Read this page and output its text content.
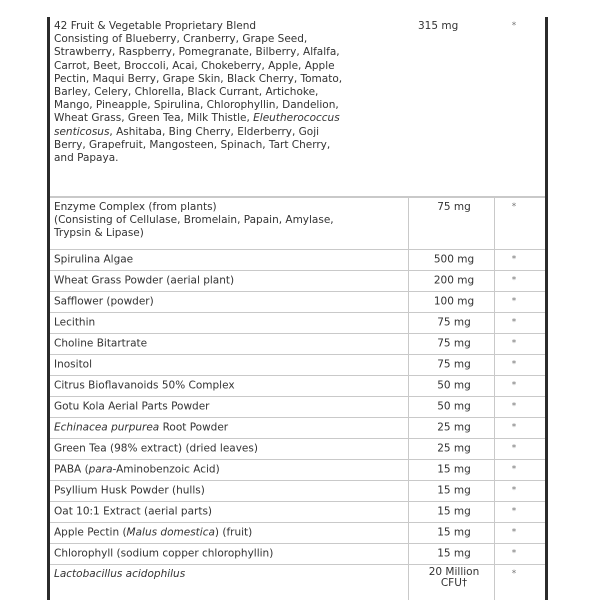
42 Fruit & Vegetable Proprietary Blend
Consisting of Blueberry, Cranberry, Grape Seed,
Strawberry, Raspberry, Pomegranate, Bilberry, Alfalfa,
Carrot, Beet, Broccoli, Acai, Chokeberry, Apple, Apple
Pectin, Maqui Berry, Grape Skin, Black Cherry, Tomato,
Barley, Celery, Chlorella, Black Currant, Artichoke,
Mango, Pineapple, Spirulina, Chlorophyllin, Dandelion,
Wheat Grass, Green Tea, Milk Thistle, Eleutherococcus
senticosus, Ashitaba, Bing Cherry, Elderberry, Goji
Berry, Grapefruit, Mangosteen, Spinach, Tart Cherry,
and Papaya.
315 mg	*
Enzyme Complex (from plants)
(Consisting of Cellulase, Bromelain, Papain, Amylase,
Trypsin & Lipase)
75 mg	*
Spirulina Algae	500 mg	*
Wheat Grass Powder (aerial plant)	200 mg	*
Safflower (powder)	100 mg	*
Lecithin	75 mg	*
Choline Bitartrate	75 mg	*
Inositol	75 mg	*
Citrus Bioflavanoids 50% Complex	50 mg	*
Gotu Kola Aerial Parts Powder	50 mg	*
Echinacea purpurea Root Powder	25 mg	*
Green Tea (98% extract) (dried leaves)	25 mg	*
PABA (para-Aminobenzoic Acid)	15 mg	*
Psyllium Husk Powder (hulls)	15 mg	*
Oat 10:1 Extract (aerial parts)	15 mg	*
Apple Pectin (Malus domestica) (fruit)	15 mg	*
Chlorophyll (sodium copper chlorophyllin)	15 mg	*
Lactobacillus acidophilus	20 Million
CFU†
*
